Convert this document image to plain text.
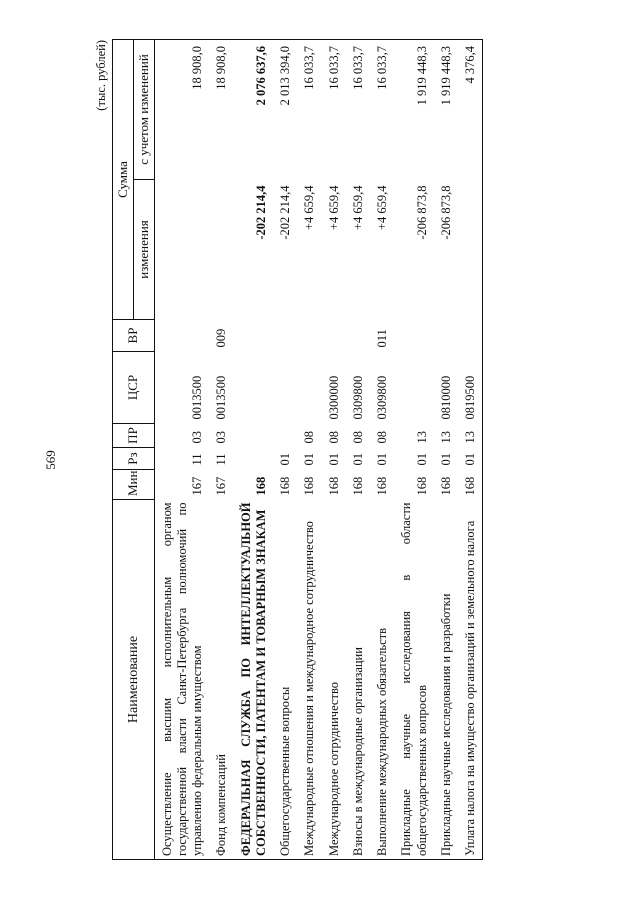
569
(тыс. рублей)
Наименование	Мин	Рз	ПР	ЦСР	ВР	Сумма	
						изменения	с учетом изменений
Осуществление высшим исполнительным органом государственной власти Санкт-Петербурга полномочий по управлению федеральным имуществом	167	11	03	0013500			18 908,0
Фонд компенсаций	167	11	03	0013500	009		18 908,0
ФЕДЕРАЛЬНАЯ СЛУЖБА ПО ИНТЕЛЛЕКТУАЛЬНОЙ СОБСТВЕННОСТИ, ПАТЕНТАМ И ТОВАРНЫМ ЗНАКАМ	168					-202 214,4	2 076 637,6
Общегосударственные вопросы	168	01				-202 214,4	2 013 394,0
Международные отношения и международное сотрудничество	168	01	08			+4 659,4	16 033,7
Международное сотрудничество	168	01	08	0300000		+4 659,4	16 033,7
Взносы в международные организации	168	01	08	0309800		+4 659,4	16 033,7
Выполнение международных обязательств	168	01	08	0309800	011	+4 659,4	16 033,7
Прикладные научные исследования в области общегосударственных вопросов	168	01	13			-206 873,8	1 919 448,3
Прикладные научные исследования и разработки	168	01	13	0810000		-206 873,8	1 919 448,3
Уплата налога на имущество организаций и земельного налога	168	01	13	0819500			4 376,4
